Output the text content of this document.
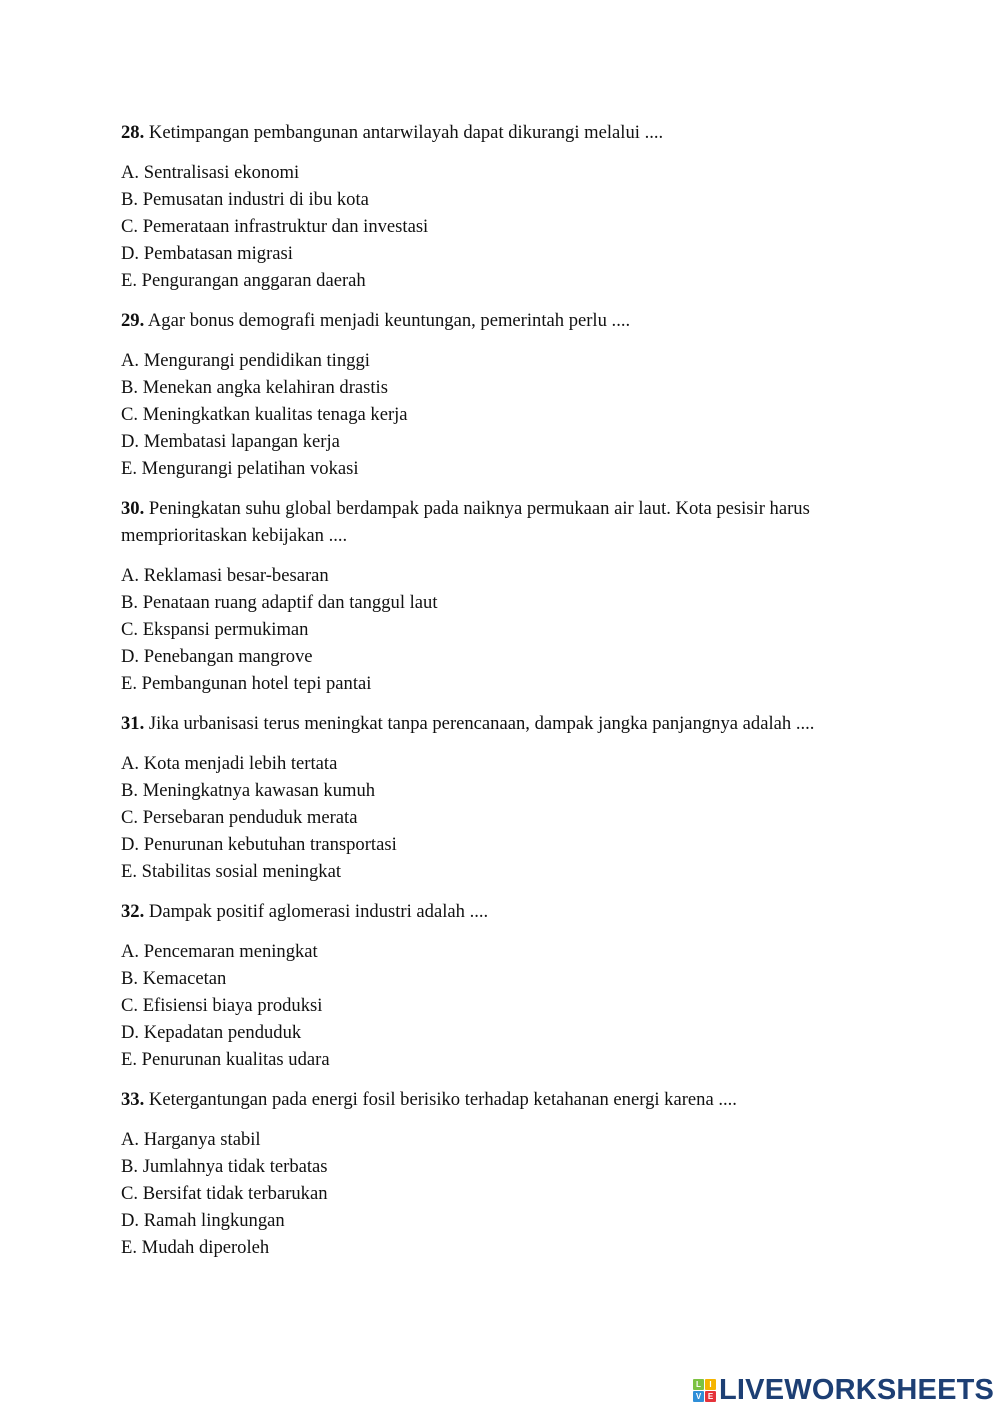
28. Ketimpangan pembangunan antarwilayah dapat dikurangi melalui ....
A. Sentralisasi ekonomi
B. Pemusatan industri di ibu kota
C. Pemerataan infrastruktur dan investasi
D. Pembatasan migrasi
E. Pengurangan anggaran daerah
29. Agar bonus demografi menjadi keuntungan, pemerintah perlu ....
A. Mengurangi pendidikan tinggi
B. Menekan angka kelahiran drastis
C. Meningkatkan kualitas tenaga kerja
D. Membatasi lapangan kerja
E. Mengurangi pelatihan vokasi
30. Peningkatan suhu global berdampak pada naiknya permukaan air laut. Kota pesisir harus memprioritaskan kebijakan ....
A. Reklamasi besar-besaran
B. Penataan ruang adaptif dan tanggul laut
C. Ekspansi permukiman
D. Penebangan mangrove
E. Pembangunan hotel tepi pantai
31. Jika urbanisasi terus meningkat tanpa perencanaan, dampak jangka panjangnya adalah ....
A. Kota menjadi lebih tertata
B. Meningkatnya kawasan kumuh
C. Persebaran penduduk merata
D. Penurunan kebutuhan transportasi
E. Stabilitas sosial meningkat
32. Dampak positif aglomerasi industri adalah ....
A. Pencemaran meningkat
B. Kemacetan
C. Efisiensi biaya produksi
D. Kepadatan penduduk
E. Penurunan kualitas udara
33. Ketergantungan pada energi fosil berisiko terhadap ketahanan energi karena ....
A. Harganya stabil
B. Jumlahnya tidak terbatas
C. Bersifat tidak terbarukan
D. Ramah lingkungan
E. Mudah diperoleh
L	I
V E LIVEWORKSHEETS
